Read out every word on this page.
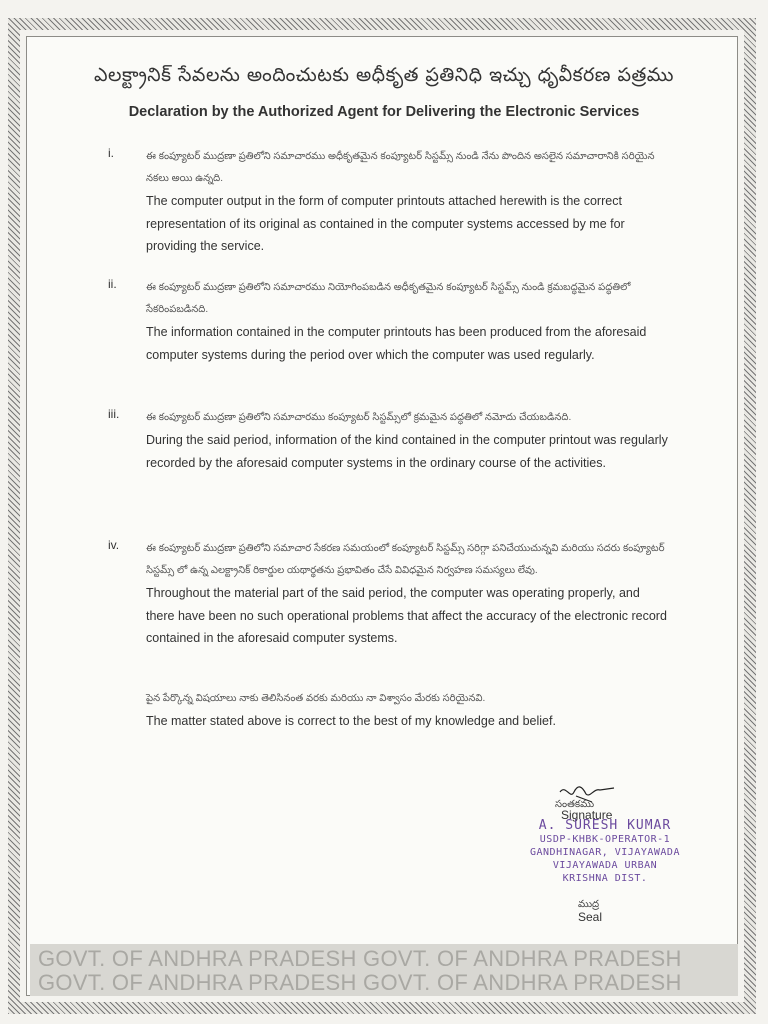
ఎలక్ట్రానిక్ సేవలను అందించుటకు అధీకృత ప్రతినిధి ఇచ్చు ధృవీకరణ పత్రము
Declaration by the Authorized Agent for Delivering the Electronic Services
i.	ఈ కంప్యూటర్ ముద్రణా ప్రతిలోని సమాచారము అధీకృతమైన కంప్యూటర్ సిస్టమ్స్ నుండి నేను పొందిన అసలైన సమాచారానికి సరియైన నకలు అయి ఉన్నది.
The computer output in the form of computer printouts attached herewith is the correct representation of its original as contained in the computer systems accessed by me for providing the service.
ii.	ఈ కంప్యూటర్ ముద్రణా ప్రతిలోని సమాచారము నియోగింపబడిన అధీకృతమైన కంప్యూటర్ సిస్టమ్స్ నుండి క్రమబద్ధమైన పద్ధతిలో సేకరింపబడినది.
The information contained in the computer printouts has been produced from the aforesaid computer systems during the period over which the computer was used regularly.
iii.	ఈ కంప్యూటర్ ముద్రణా ప్రతిలోని సమాచారము కంప్యూటర్ సిస్టమ్స్‌లో క్రమమైన పద్ధతిలో నమోదు చేయబడినది.
During the said period, information of the kind contained in the computer printout was regularly recorded by the aforesaid computer systems in the ordinary course of the activities.
iv.	ఈ కంప్యూటర్ ముద్రణా ప్రతిలోని సమాచార సేకరణ సమయంలో కంప్యూటర్ సిస్టమ్స్ సరిగ్గా పనిచేయుచున్నవి మరియు సదరు కంప్యూటర్ సిస్టమ్స్ లో ఉన్న ఎలక్ట్రానిక్ రికార్డుల యథార్థతను ప్రభావితం చేసే వివిధమైన నిర్వహణ సమస్యలు లేవు.
Throughout the material part of the said period, the computer was operating properly, and there have been no such operational problems that affect the accuracy of the electronic record contained in the aforesaid computer systems.
పైన పేర్కొన్న విషయాలు నాకు తెలిసినంత వరకు మరియు నా విశ్వాసం మేరకు సరియైనవి.
The matter stated above is correct to the best of my knowledge and belief.
సంతకము
Signature
A. SURESH KUMAR
USDP-KHBK-OPERATOR-1
GANDHINAGAR, VIJAYAWADA
VIJAYAWADA URBAN
KRISHNA DIST.
ముద్ర
Seal
GOVT. OF ANDHRA PRADESH GOVT. OF ANDHRA PRADESH
GOVT. OF ANDHRA PRADESH GOVT. OF ANDHRA PRADESH
